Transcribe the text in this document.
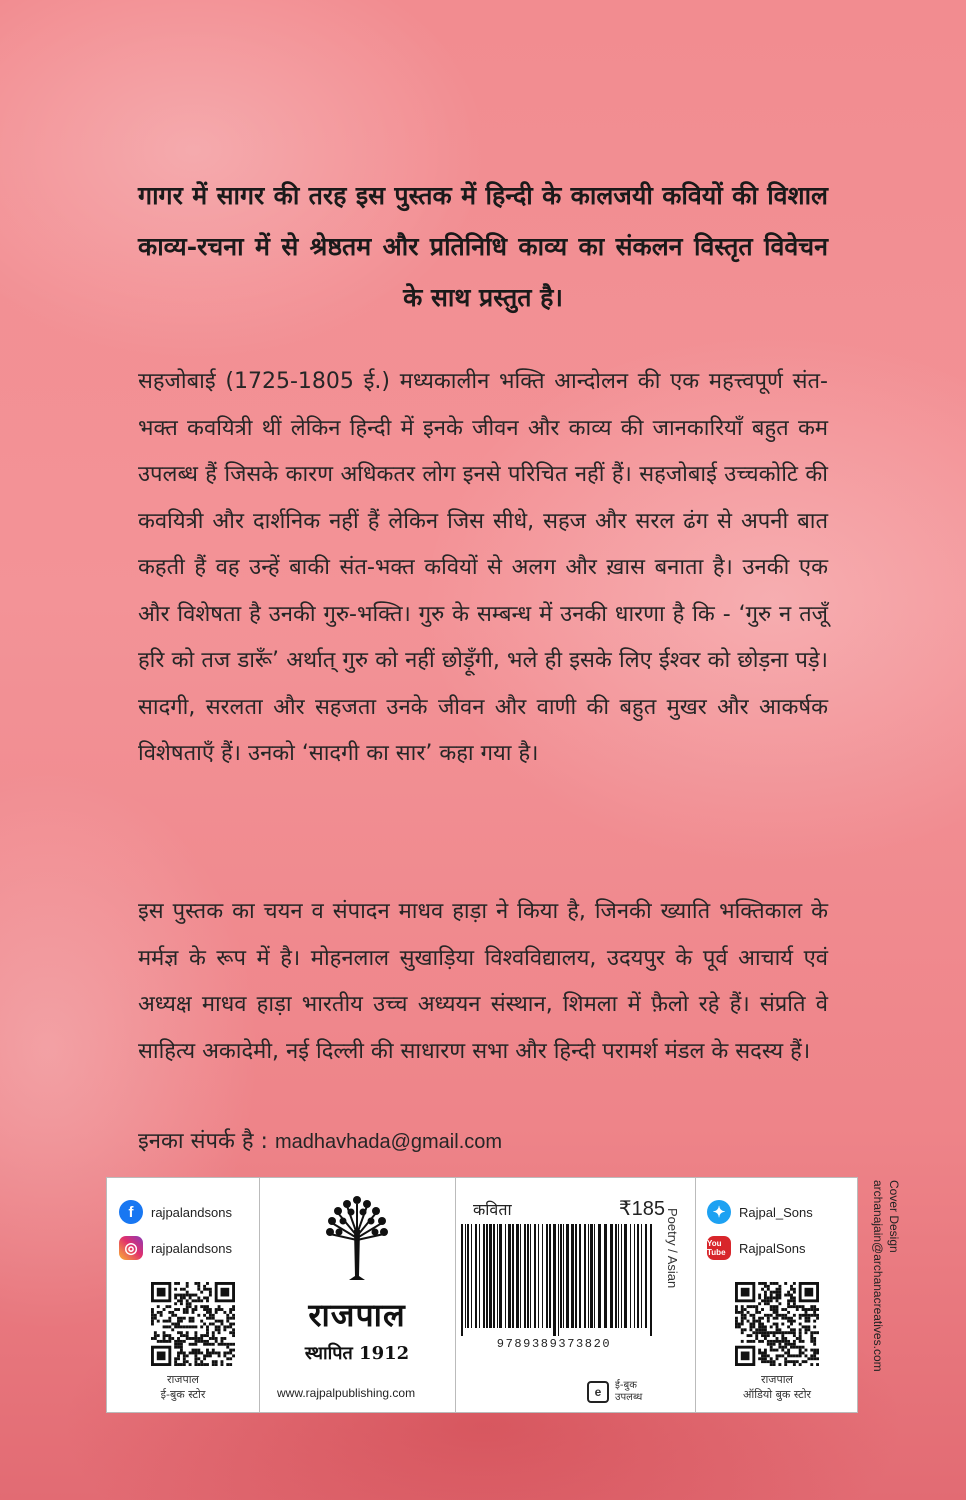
गागर में सागर की तरह इस पुस्तक में हिन्दी के कालजयी कवियों की विशाल काव्य-रचना में से श्रेष्ठतम और प्रतिनिधि काव्य का संकलन विस्तृत विवेचन के साथ प्रस्तुत है।
सहजोबाई (1725-1805 ई.) मध्यकालीन भक्ति आन्दोलन की एक महत्त्वपूर्ण संत-भक्त कवयित्री थीं लेकिन हिन्दी में इनके जीवन और काव्य की जानकारियाँ बहुत कम उपलब्ध हैं जिसके कारण अधिकतर लोग इनसे परिचित नहीं हैं। सहजोबाई उच्चकोटि की कवयित्री और दार्शनिक नहीं हैं लेकिन जिस सीधे, सहज और सरल ढंग से अपनी बात कहती हैं वह उन्हें बाकी संत-भक्त कवियों से अलग और ख़ास बनाता है। उनकी एक और विशेषता है उनकी गुरु-भक्ति। गुरु के सम्बन्ध में उनकी धारणा है कि - ‘गुरु न तजूँ हरि को तज डारूँ’ अर्थात् गुरु को नहीं छोड़ूँगी, भले ही इसके लिए ईश्वर को छोड़ना पड़े। सादगी, सरलता और सहजता उनके जीवन और वाणी की बहुत मुखर और आकर्षक विशेषताएँ हैं। उनको ‘सादगी का सार’ कहा गया है।
इस पुस्तक का चयन व संपादन माधव हाड़ा ने किया है, जिनकी ख्याति भक्तिकाल के मर्मज्ञ के रूप में है। मोहनलाल सुखाड़िया विश्वविद्यालय, उदयपुर के पूर्व आचार्य एवं अध्यक्ष माधव हाड़ा भारतीय उच्च अध्ययन संस्थान, शिमला में फ़ैलो रहे हैं। संप्रति वे साहित्य अकादेमी, नई दिल्ली की साधारण सभा और हिन्दी परामर्श मंडल के सदस्य हैं।
इनका संपर्क है : madhavhada@gmail.com
f	rajpalandsons
◎	rajpalandsons
राजपाल
ई-बुक स्टोर
राजपाल
स्थापित 1912
www.rajpalpublishing.com
कविता	₹185
9789389373820
Poetry / Asian
e	ई-बुक
उपलब्ध
✦	Rajpal_Sons
You Tube	RajpalSons
राजपाल
ऑडियो बुक स्टोर
Cover Design
archanajain@archanacreatives.com
